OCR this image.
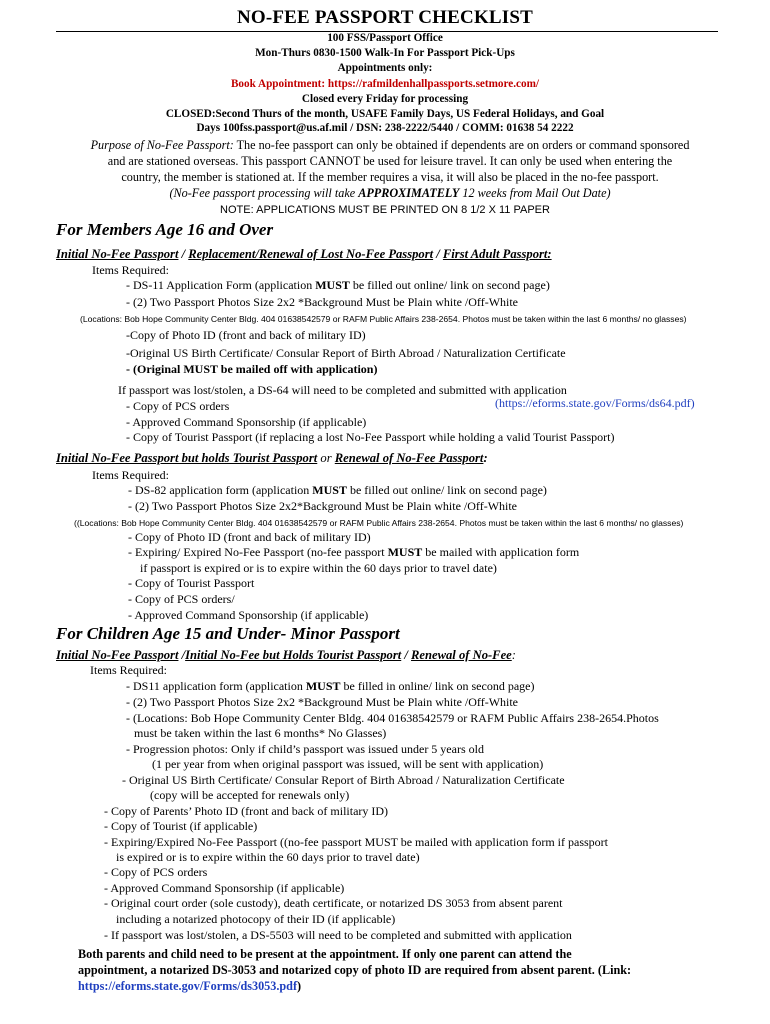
NO-FEE PASSPORT CHECKLIST
100 FSS/Passport Office
Mon-Thurs 0830-1500 Walk-In For Passport Pick-Ups
Appointments only:
Book Appointment: https://rafmildenhallpassports.setmore.com/
Closed every Friday for processing
CLOSED:Second Thurs of the month, USAFE Family Days, US Federal Holidays, and Goal
Days 100fss.passport@us.af.mil / DSN: 238-2222/5440 / COMM: 01638 54 2222
Purpose of No-Fee Passport: The no-fee passport can only be obtained if dependents are on orders or command sponsored
and are stationed overseas. This passport CANNOT be used for leisure travel. It can only be used when entering the
country, the member is stationed at. If the member requires a visa, it will also be placed in the no-fee passport.
(No-Fee passport processing will take APPROXIMATELY 12 weeks from Mail Out Date)
NOTE: APPLICATIONS MUST BE PRINTED ON 8 1/2 X 11 PAPER
For Members Age 16 and Over
Initial No-Fee Passport / Replacement/Renewal of Lost No-Fee Passport / First Adult Passport:
Items Required:
- DS-11 Application Form (application MUST be filled out online/ link on second page)
- (2) Two Passport Photos Size 2x2 *Background Must be Plain white /Off-White
(Locations: Bob Hope Community Center Bldg. 404 01638542579 or RAFM Public Affairs 238-2654. Photos must be taken within the last 6 months/ no glasses)
-Copy of Photo ID (front and back of military ID)
-Original US Birth Certificate/ Consular Report of Birth Abroad / Naturalization Certificate
- (Original MUST be mailed off with application)
If passport was lost/stolen, a DS-64 will need to be completed and submitted with application
(https://eforms.state.gov/Forms/ds64.pdf)
- Copy of PCS orders
- Approved Command Sponsorship (if applicable)
- Copy of Tourist Passport (if replacing a lost No-Fee Passport while holding a valid Tourist Passport)
Initial No-Fee Passport but holds Tourist Passport or Renewal of No-Fee Passport:
Items Required:
- DS-82 application form (application MUST be filled out online/ link on second page)
- (2) Two Passport Photos Size 2x2*Background Must be Plain white /Off-White
((Locations: Bob Hope Community Center Bldg. 404 01638542579 or RAFM Public Affairs 238-2654. Photos must be taken within the last 6 months/ no glasses)
- Copy of Photo ID (front and back of military ID)
- Expiring/ Expired No-Fee Passport (no-fee passport MUST be mailed with application form
if passport is expired or is to expire within the 60 days prior to travel date)
- Copy of Tourist Passport
- Copy of PCS orders/
- Approved Command Sponsorship (if applicable)
For Children Age 15 and Under- Minor Passport
Initial No-Fee Passport /Initial No-Fee but Holds Tourist Passport / Renewal of No-Fee:
Items Required:
- DS11 application form (application MUST be filled in online/ link on second page)
- (2) Two Passport Photos Size 2x2 *Background Must be Plain white /Off-White
- (Locations: Bob Hope Community Center Bldg. 404 01638542579 or RAFM Public Affairs 238-2654.Photos
must be taken within the last 6 months* No Glasses)
- Progression photos: Only if child’s passport was issued under 5 years old
(1 per year from when original passport was issued, will be sent with application)
- Original US Birth Certificate/ Consular Report of Birth Abroad / Naturalization Certificate
(copy will be accepted for renewals only)
- Copy of Parents’ Photo ID (front and back of military ID)
- Copy of Tourist (if applicable)
- Expiring/Expired No-Fee Passport ((no-fee passport MUST be mailed with application form if passport
is expired or is to expire within the 60 days prior to travel date)
- Copy of PCS orders
- Approved Command Sponsorship (if applicable)
- Original court order (sole custody), death certificate, or notarized DS 3053 from absent parent
including a notarized photocopy of their ID (if applicable)
- If passport was lost/stolen, a DS-5503 will need to be completed and submitted with application
Both parents and child need to be present at the appointment. If only one parent can attend the
appointment, a notarized DS-3053 and notarized copy of photo ID are required from absent parent. (Link:
https://eforms.state.gov/Forms/ds3053.pdf)
